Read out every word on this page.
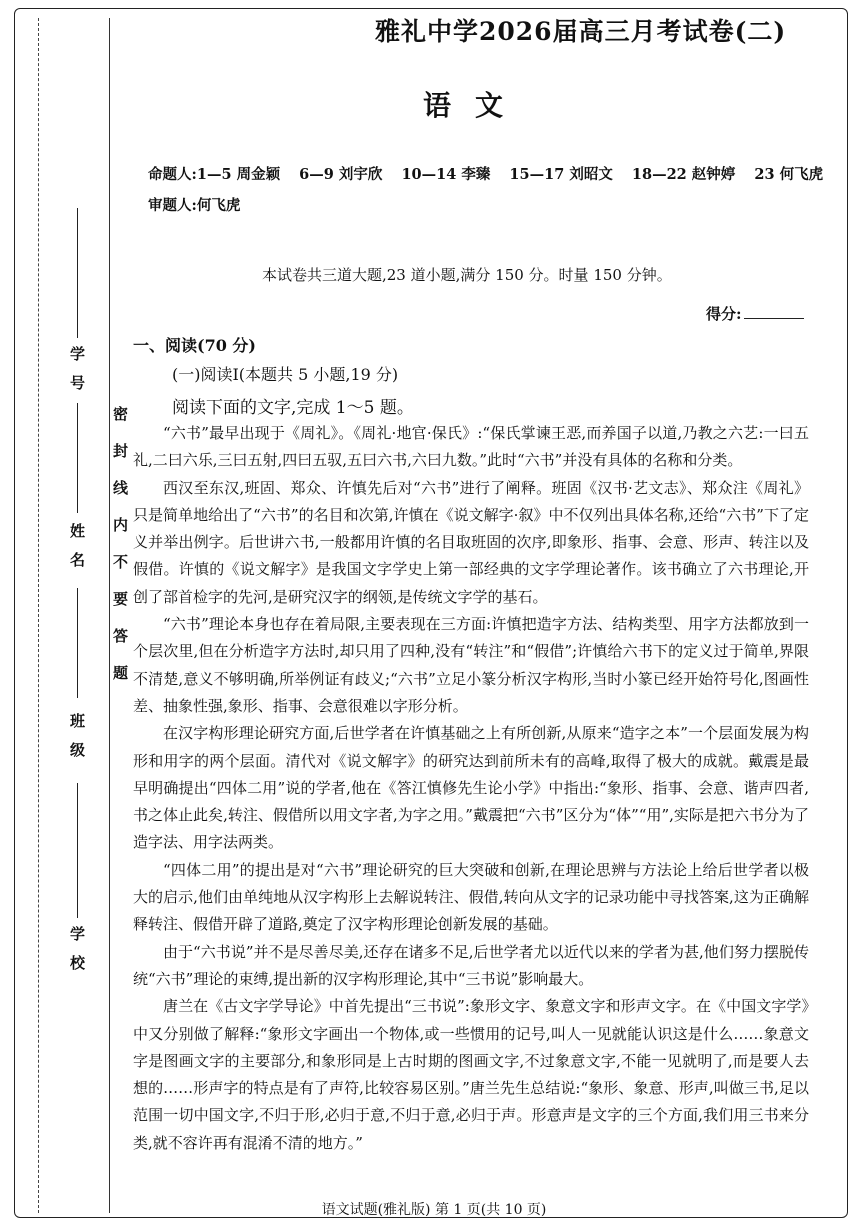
学号
姓名
班级
学校
密封线内不要答题
雅礼中学2026届高三月考试卷(二)
语文
命题人:1—5 周金颖 6—9 刘宇欣 10—14 李臻 15—17 刘昭文 18—22 赵钟婷 23 何飞虎
审题人:何飞虎
本试卷共三道大题,23 道小题,满分 150 分。时量 150 分钟。
得分:
一、阅读(70 分)
(一)阅读Ⅰ(本题共 5 小题,19 分)
阅读下面的文字,完成 1～5 题。

“六书”最早出现于《周礼》。《周礼·地官·保氏》:“保氏掌谏王恶,而养国子以道,乃教之六艺:一曰五礼,二曰六乐,三曰五射,四曰五驭,五曰六书,六曰九数。”此时“六书”并没有具体的名称和分类。

西汉至东汉,班固、郑众、许慎先后对“六书”进行了阐释。班固《汉书·艺文志》、郑众注《周礼》只是简单地给出了“六书”的名目和次第,许慎在《说文解字·叙》中不仅列出具体名称,还给“六书”下了定义并举出例字。后世讲六书,一般都用许慎的名目取班固的次序,即象形、指事、会意、形声、转注以及假借。许慎的《说文解字》是我国文字学史上第一部经典的文字学理论著作。该书确立了六书理论,开创了部首检字的先河,是研究汉字的纲领,是传统文字学的基石。

“六书”理论本身也存在着局限,主要表现在三方面:许慎把造字方法、结构类型、用字方法都放到一个层次里,但在分析造字方法时,却只用了四种,没有“转注”和“假借”;许慎给六书下的定义过于简单,界限不清楚,意义不够明确,所举例证有歧义;“六书”立足小篆分析汉字构形,当时小篆已经开始符号化,图画性差、抽象性强,象形、指事、会意很难以字形分析。

在汉字构形理论研究方面,后世学者在许慎基础之上有所创新,从原来“造字之本”一个层面发展为构形和用字的两个层面。清代对《说文解字》的研究达到前所未有的高峰,取得了极大的成就。戴震是最早明确提出“四体二用”说的学者,他在《答江慎修先生论小学》中指出:“象形、指事、会意、谐声四者,书之体止此矣,转注、假借所以用文字者,为字之用。”戴震把“六书”区分为“体”“用”,实际是把六书分为了造字法、用字法两类。

“四体二用”的提出是对“六书”理论研究的巨大突破和创新,在理论思辨与方法论上给后世学者以极大的启示,他们由单纯地从汉字构形上去解说转注、假借,转向从文字的记录功能中寻找答案,这为正确解释转注、假借开辟了道路,奠定了汉字构形理论创新发展的基础。

由于“六书说”并不是尽善尽美,还存在诸多不足,后世学者尤以近代以来的学者为甚,他们努力摆脱传统“六书”理论的束缚,提出新的汉字构形理论,其中“三书说”影响最大。

唐兰在《古文字学导论》中首先提出“三书说”:象形文字、象意文字和形声文字。在《中国文字学》中又分别做了解释:“象形文字画出一个物体,或一些惯用的记号,叫人一见就能认识这是什么……象意文字是图画文字的主要部分,和象形同是上古时期的图画文字,不过象意文字,不能一见就明了,而是要人去想的……形声字的特点是有了声符,比较容易区别。”唐兰先生总结说:“象形、象意、形声,叫做三书,足以范围一切中国文字,不归于形,必归于意,不归于意,必归于声。形意声是文字的三个方面,我们用三书来分类,就不容许再有混淆不清的地方。”

语文试题(雅礼版) 第 1 页(共 10 页)
